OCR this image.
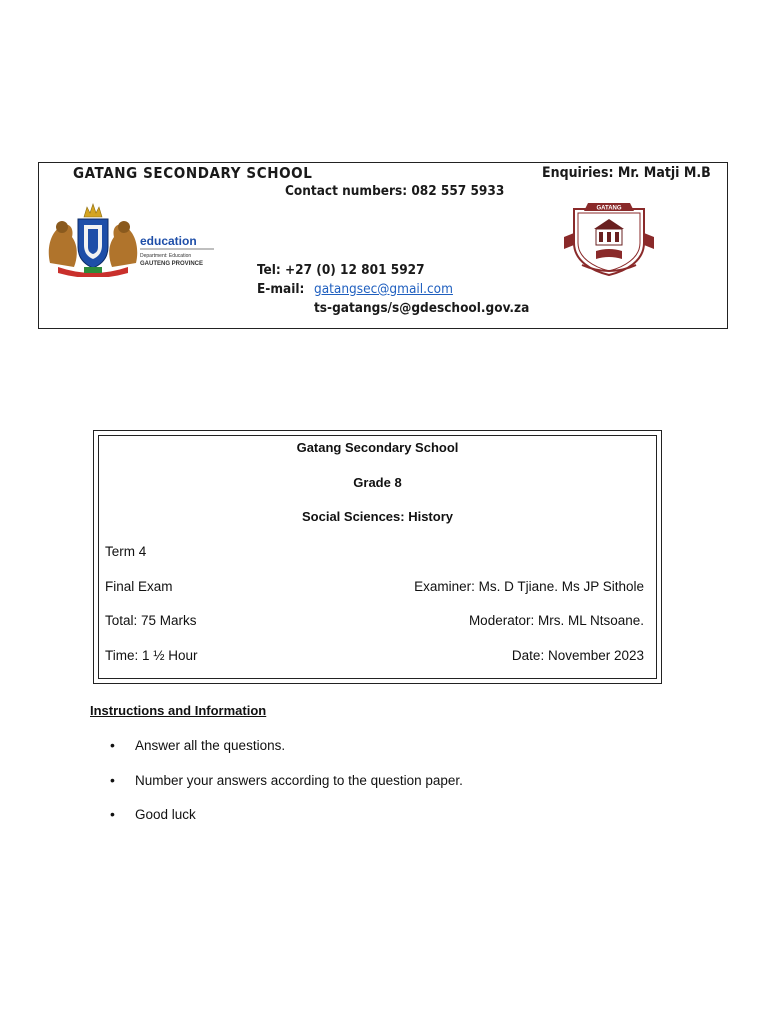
GATANG SECONDARY SCHOOL	Enquiries: Mr. Matji M.B
Contact numbers: 082 557 5933
education
Department: Education
GAUTENG PROVINCE
GATANG
Tel: +27 (0) 12 801 5927
E-mail: gatangsec@gmail.com
ts-gatangs/s@gdeschool.gov.za
Gatang Secondary School
Grade 8
Social Sciences: History
Term 4
Final Exam	Examiner: Ms. D Tjiane. Ms JP Sithole
Total: 75 Marks	Moderator: Mrs. ML Ntsoane.
Time: 1 ½ Hour	Date: November 2023
Instructions and Information
• Answer all the questions.
• Number your answers according to the question paper.
• Good luck
